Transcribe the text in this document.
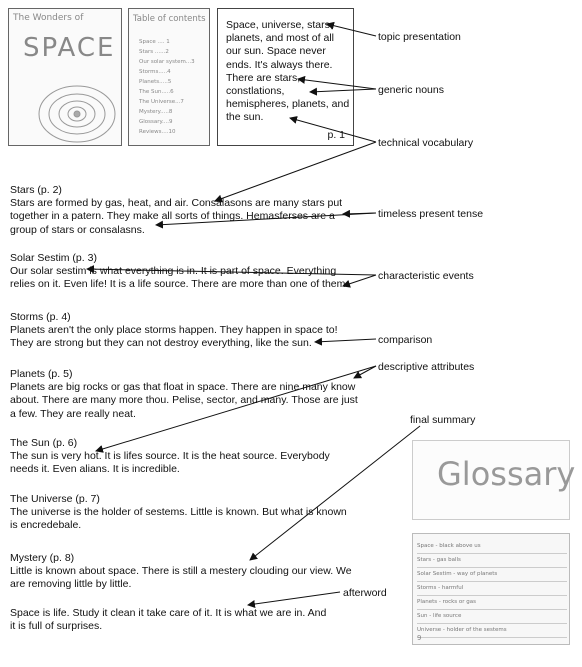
The Wonders of
SPACE
Table of contents
Space .... 1
Stars ......2
Our solar system...3
Storms.....4
Planets.....5
The Sun.....6
The Universe...7
Mystery.....8
Glossary....9
Reviews....10
Space, universe, stars, planets, and most of all our sun. Space never ends. It's always there. There are stars, constlations, hemispheres, planets, and the sun.
p. 1
Stars (p. 2)
Stars are formed by gas, heat, and air. Consalasons are many stars put together in a patern. They make all sorts of things. Hemasferses are a group of stars or consalasns.
Solar Sestim (p. 3)
Our solar sestim is what everything is in. It is part of space. Everything relies on it. Even life! It is a life source. There are more than one of them
Storms (p. 4)
Planets aren't the only place storms happen. They happen in space to! They are strong but they can not destroy everything, like the sun.
Planets (p. 5)
Planets are big rocks or gas that float in space. There are nine many know about. There are many more thou. Pelise, sector, and many. Those are just a few. They are really neat.
The Sun (p. 6)
The sun is very hot. It is lifes source. It is the heat source. Everybody needs it. Even alians. It is incredible.
The Universe (p. 7)
The universe is the holder of sestems. Little is known. But what is known is encredebale.
Mystery (p. 8)
Little is known about space. There is still a mestery clouding our view. We are removing little by little.
Space is life. Study it clean it take care of it. It is what we are in. And it is full of surprises.
topic presentation
generic nouns
technical vocabulary
timeless present tense
characteristic events
comparison
descriptive attributes
final summary
afterword
Glossary
Space - black above us
Stars - gas balls
Solar Sestim - way of planets
Storms - harmful
Planets - rocks or gas
Sun - life source
Universe - holder of the sestems
9
